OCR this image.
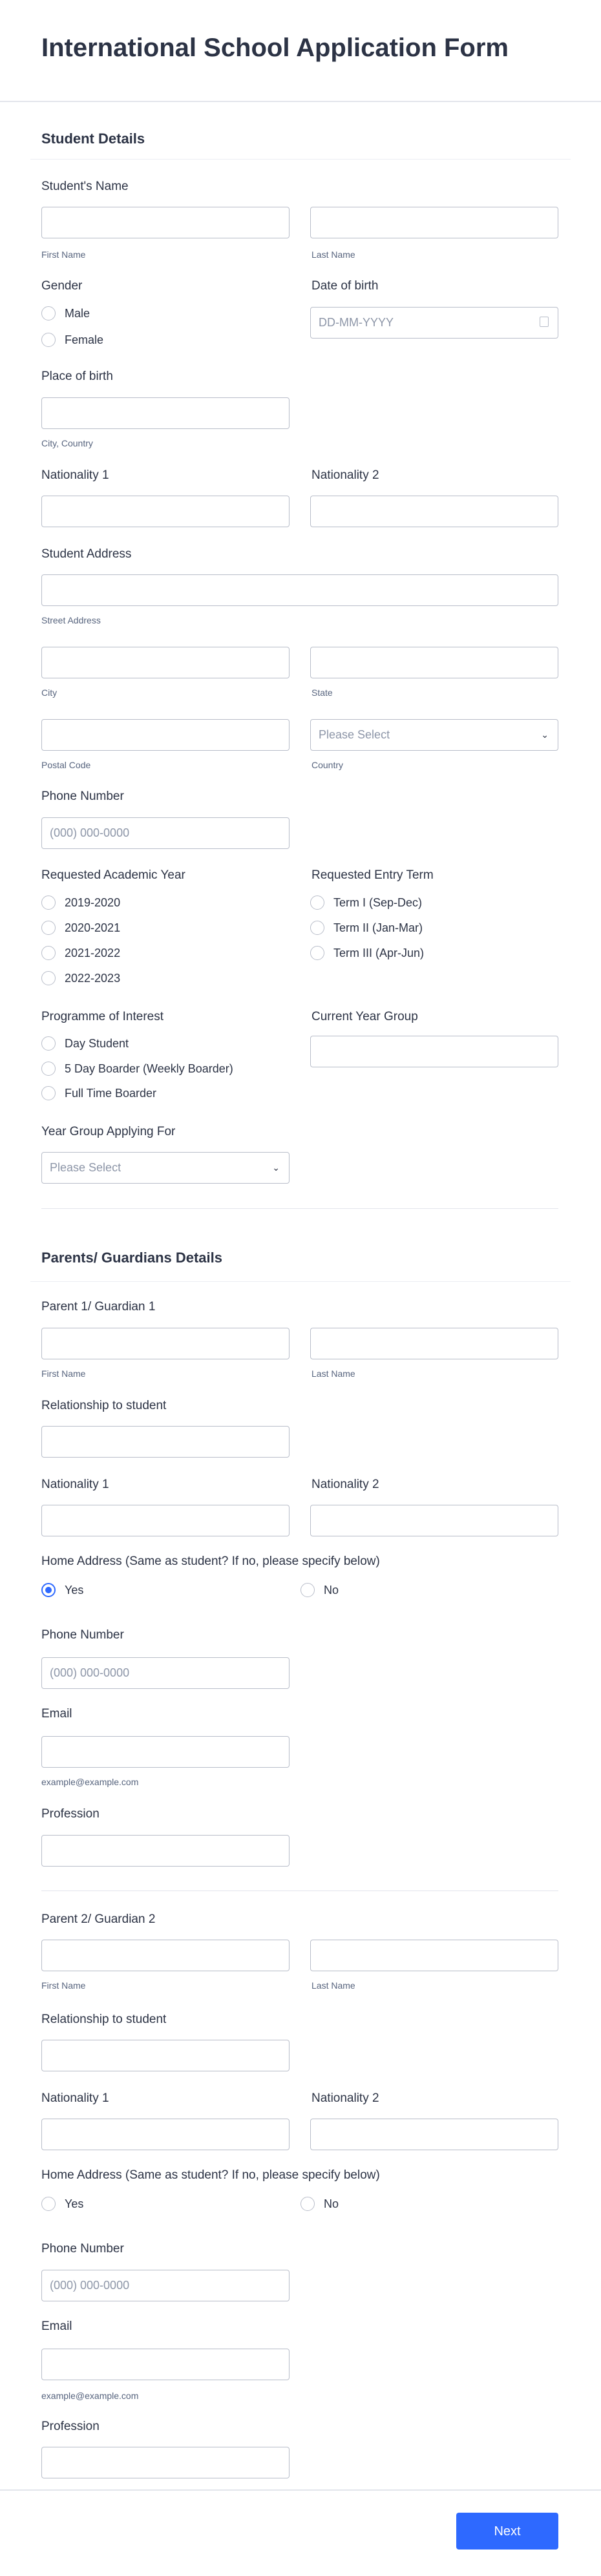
International School Application Form
Student Details
Student's Name
First Name	Last Name
Gender
Male
Female
Date of birth
DD-MM-YYYY
Place of birth
City, Country
Nationality 1	Nationality 2
Student Address
Street Address
City	State
Please Select	⌄
Postal Code	Country
Phone Number
(000) 000-0000
Requested Academic Year
2019-2020
2020-2021
2021-2022
2022-2023
Requested Entry Term
Term I (Sep-Dec)
Term II (Jan-Mar)
Term III (Apr-Jun)
Programme of Interest
Day Student
5 Day Boarder (Weekly Boarder)
Full Time Boarder
Current Year Group
Year Group Applying For
Please Select	⌄
Parents/ Guardians Details
Parent 1/ Guardian 1
First Name	Last Name
Relationship to student
Nationality 1	Nationality 2
Home Address (Same as student? If no, please specify below)
Yes	No
Phone Number
(000) 000-0000
Email
example@example.com
Profession
Parent 2/ Guardian 2
First Name	Last Name
Relationship to student
Nationality 1	Nationality 2
Home Address (Same as student? If no, please specify below)
Yes	No
Phone Number
(000) 000-0000
Email
example@example.com
Profession
Next
